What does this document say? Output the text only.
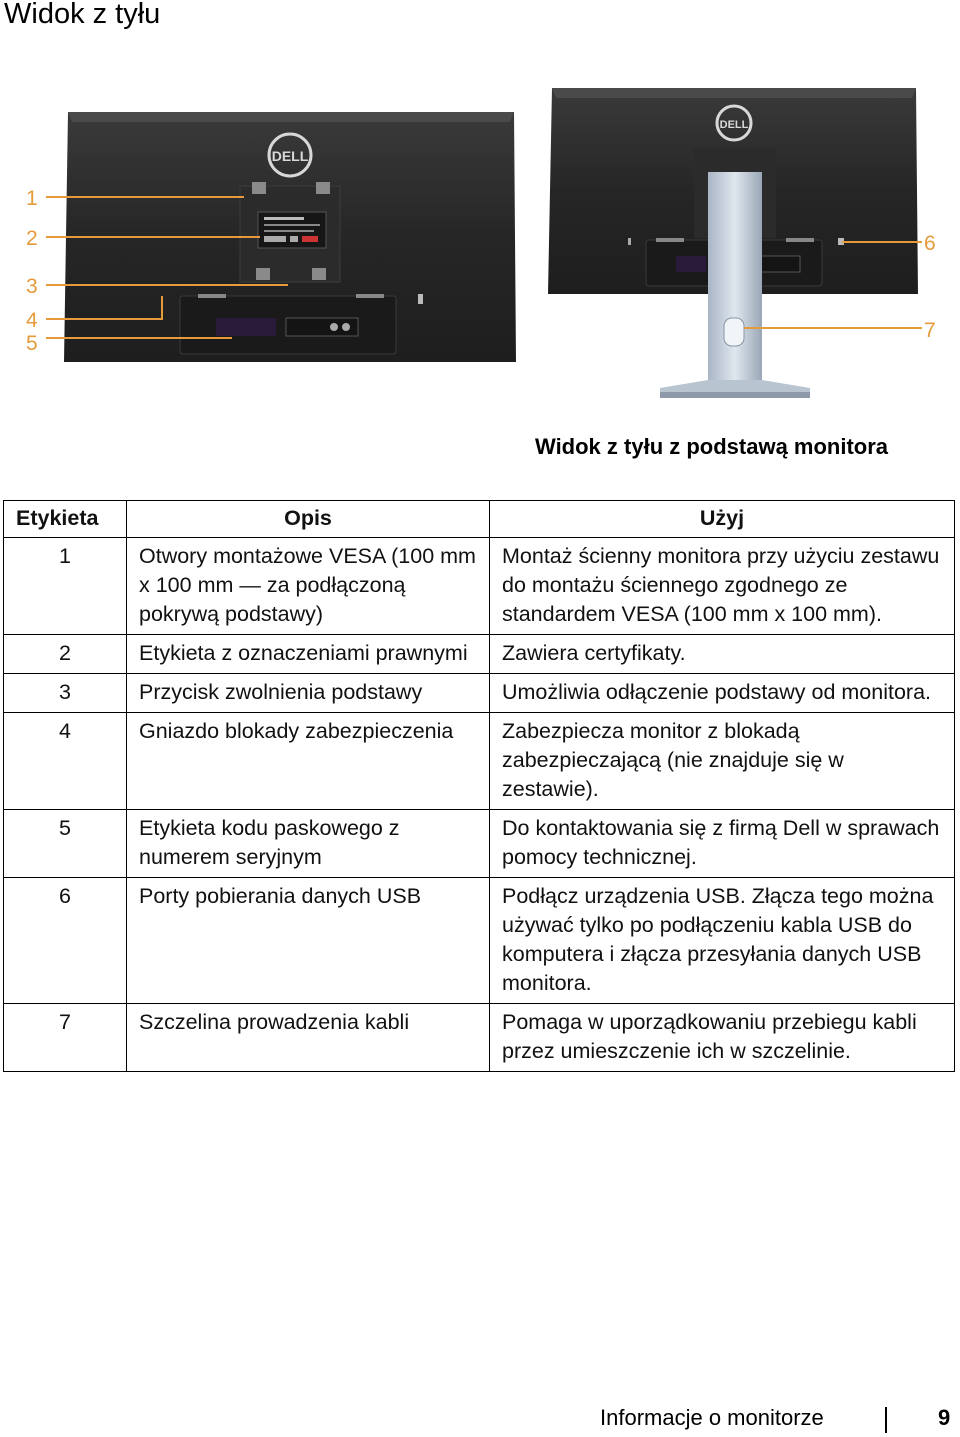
Widok z tyłu
DELL
1
2
3
4
5
DELL
6
7
Widok z tyłu z podstawą monitora
Etykieta	Opis	Użyj
1	Otwory montażowe VESA (100 mm x 100 mm — za podłączoną pokrywą podstawy)	Montaż ścienny monitora przy użyciu zestawu do montażu ściennego zgodnego ze standardem VESA (100 mm x 100 mm).
2	Etykieta z oznaczeniami prawnymi	Zawiera certyfikaty.
3	Przycisk zwolnienia podstawy	Umożliwia odłączenie podstawy od monitora.
4	Gniazdo blokady zabezpieczenia	Zabezpiecza monitor z blokadą zabezpieczającą (nie znajduje się w zestawie).
5	Etykieta kodu paskowego z numerem seryjnym	Do kontaktowania się z firmą Dell w sprawach pomocy technicznej.
6	Porty pobierania danych USB	Podłącz urządzenia USB. Złącza tego można używać tylko po podłączeniu kabla USB do komputera i złącza przesyłania danych USB monitora.
7	Szczelina prowadzenia kabli	Pomaga w uporządkowaniu przebiegu kabli przez umieszczenie ich w szczelinie.
Informacje o monitorze	9
